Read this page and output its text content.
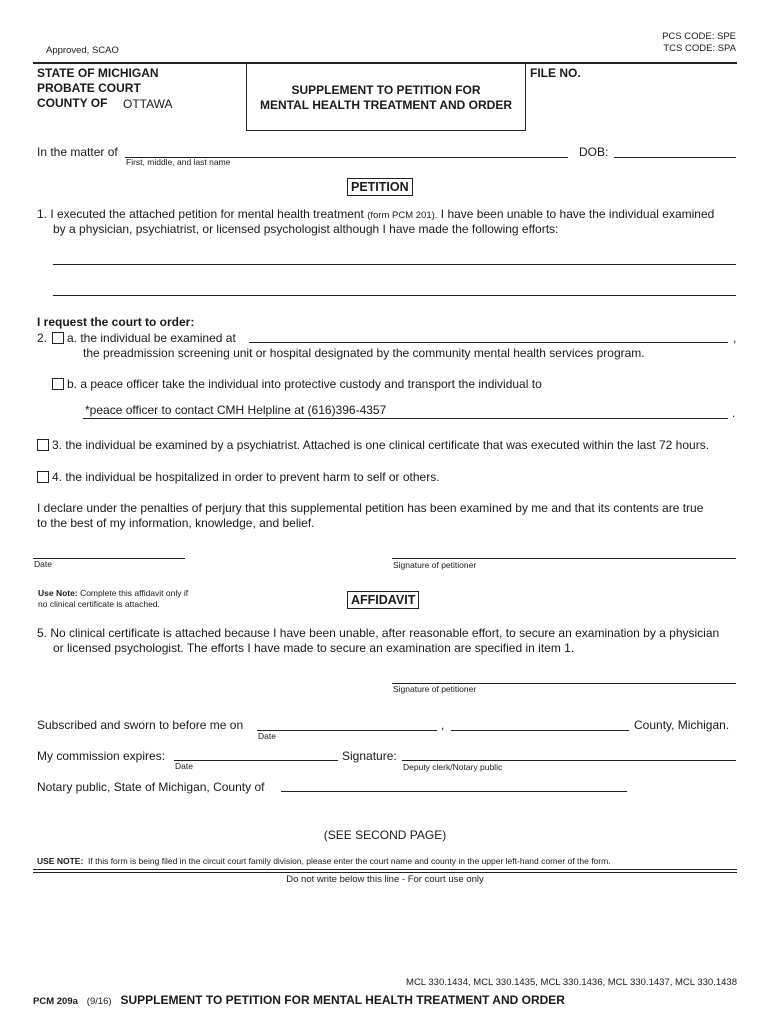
PCS CODE: SPE
TCS CODE: SPA
Approved, SCAO
STATE OF MICHIGAN
PROBATE COURT
COUNTY OF
OTTAWA
SUPPLEMENT TO PETITION FOR
MENTAL HEALTH TREATMENT AND ORDER
FILE NO.
In the matter of
First, middle, and last name
DOB:
PETITION
1. I executed the attached petition for mental health treatment (form PCM 201). I have been unable to have the individual examined
by a physician, psychiatrist, or licensed psychologist although I have made the following efforts:
I request the court to order:
2. a. the individual be examined at	,
the preadmission screening unit or hospital designated by the community mental health services program.
b. a peace officer take the individual into protective custody and transport the individual to
*peace officer to contact CMH Helpline at (616)396-4357
.
3. the individual be examined by a psychiatrist. Attached is one clinical certificate that was executed within the last 72 hours.
4. the individual be hospitalized in order to prevent harm to self or others.
I declare under the penalties of perjury that this supplemental petition has been examined by me and that its contents are true
to the best of my information, knowledge, and belief.
Date	Signature of petitioner
Use Note: Complete this affidavit only if
no clinical certificate is attached.	AFFIDAVIT
5. No clinical certificate is attached because I have been unable, after reasonable effort, to secure an examination by a physician
or licensed psychologist. The efforts I have made to secure an examination are specified in item 1.
Signature of petitioner
Subscribed and sworn to before me on
Date
,	County, Michigan.
My commission expires:
Date
Signature:
Deputy clerk/Notary public
Notary public, State of Michigan, County of
(SEE SECOND PAGE)
USE NOTE: If this form is being filed in the circuit court family division, please enter the court name and county in the upper left-hand corner of the form.
Do not write below this line - For court use only
MCL 330.1434, MCL 330.1435, MCL 330.1436, MCL 330.1437, MCL 330.1438
PCM 209a (9/16) SUPPLEMENT TO PETITION FOR MENTAL HEALTH TREATMENT AND ORDER
